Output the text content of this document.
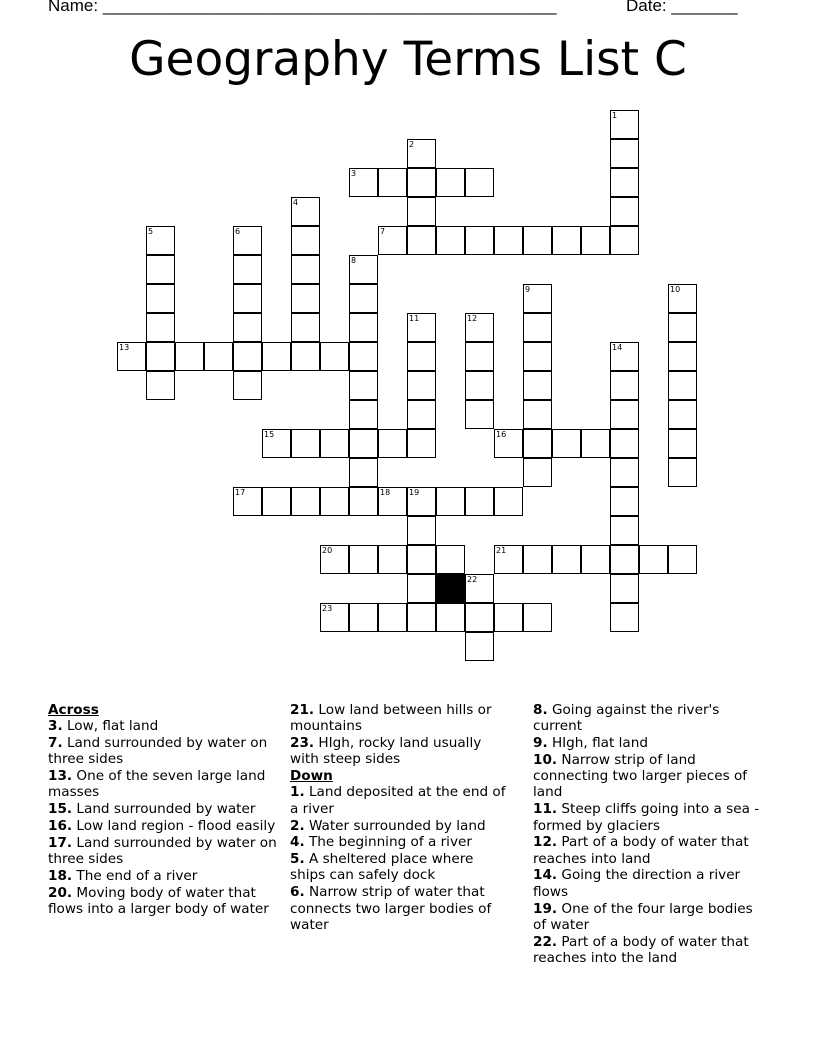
Name: ________________________________________________	Date: _______
Geography Terms List C
1
2
3
4
5	6	7
8
9	10
11	12
13	14
15	16
17	18 19
20	21
22
23
Across
3. Low, flat land
7. Land surrounded by water on three sides
13. One of the seven large land masses
15. Land surrounded by water
16. Low land region - flood easily
17. Land surrounded by water on three sides
18. The end of a river
20. Moving body of water that flows into a larger body of water
21. Low land between hills or mountains
23. HIgh, rocky land usually with steep sides
Down
1. Land deposited at the end of a river
2. Water surrounded by land
4. The beginning of a river
5. A sheltered place where ships can safely dock
6. Narrow strip of water that connects two larger bodies of water
8. Going against the river's current
9. HIgh, flat land
10. Narrow strip of land connecting two larger pieces of land
11. Steep cliffs going into a sea - formed by glaciers
12. Part of a body of water that reaches into land
14. Going the direction a river flows
19. One of the four large bodies of water
22. Part of a body of water that reaches into the land
